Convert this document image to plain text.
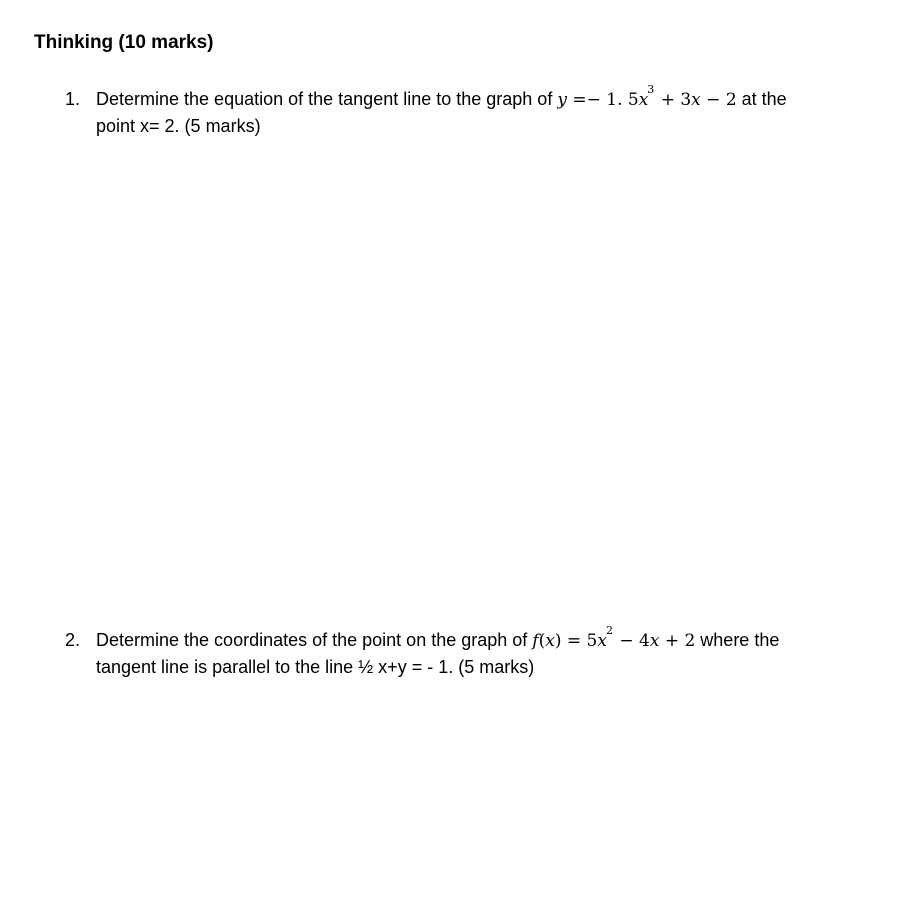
Thinking (10 marks)
1. Determine the equation of the tangent line to the graph of y =− 1. $5x^3 + 3x - 2$ at the
point x= 2. (5 marks)
2. Determine the coordinates of the point on the graph of $f(x) = 5x^2 - 4x + 2$ where the
tangent line is parallel to the line ½ x+y = - 1. (5 marks)
